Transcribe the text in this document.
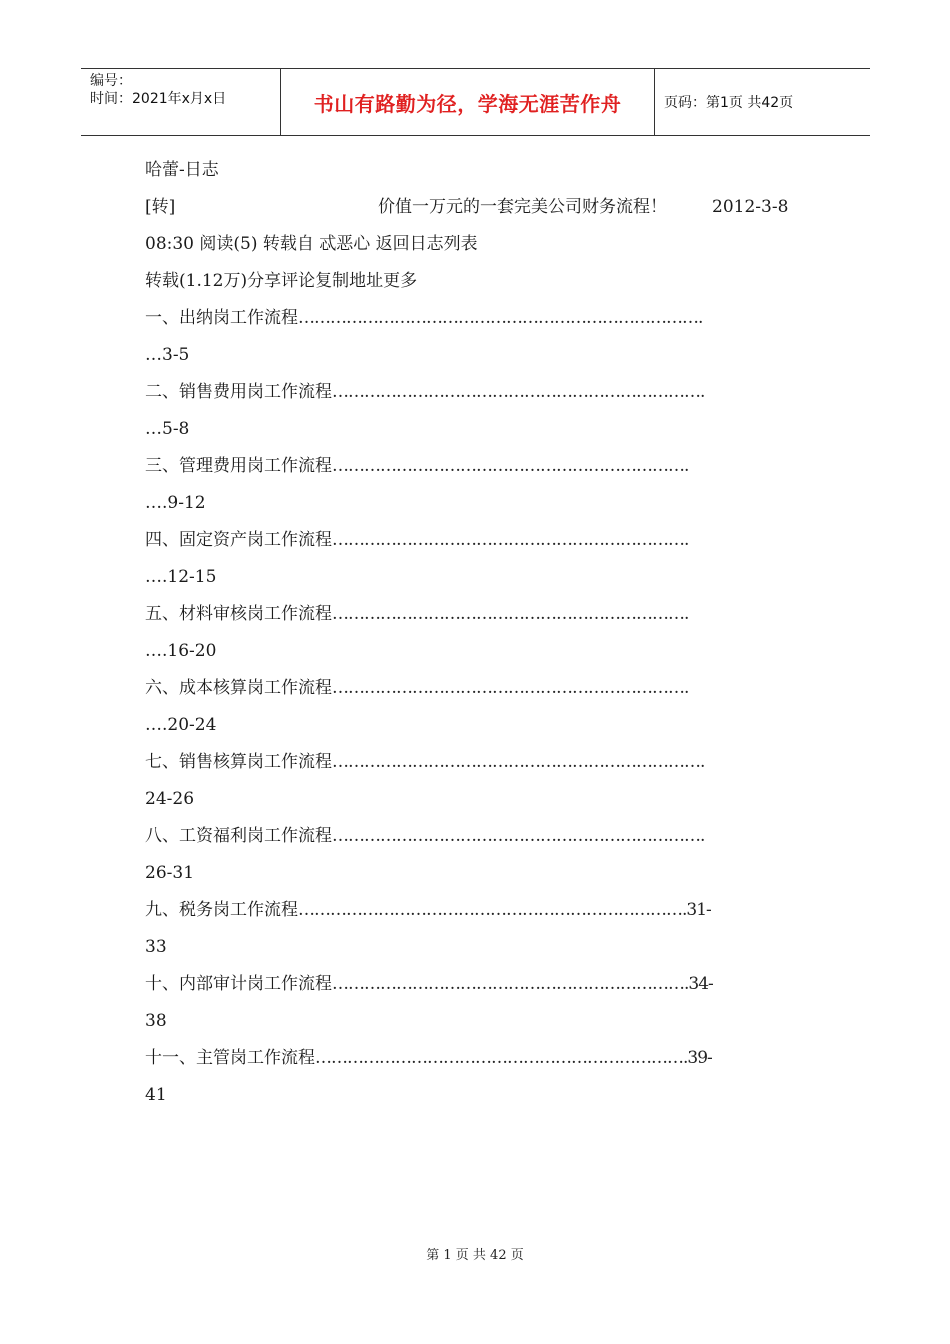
编号：
时间：2021年x月x日	书山有路勤为径，学海无涯苦作舟	页码：第1页 共42页
哈蕾-日志
[转]	价值一万元的一套完美公司财务流程！	2012-3-8
08:30 阅读(5) 转载自 忒恶心 返回日志列表
转载(1.12万)分享评论复制地址更多
一、出纳岗工作流程………………………………………………………………….
…3-5
二、销售费用岗工作流程…………………………………………………………….
…5-8
三、管理费用岗工作流程………………………………………………………….
….9-12
四、固定资产岗工作流程………………………………………………………….
….12-15
五、材料审核岗工作流程………………………………………………………….
….16-20
六、成本核算岗工作流程………………………………………………………….
….20-24
七、销售核算岗工作流程…………………………………………………………….
24-26
八、工资福利岗工作流程…………………………………………………………….
26-31
九、税务岗工作流程……………………………………………………………….31-
33
十、内部审计岗工作流程………………………………………………………….34-
38
十一、主管岗工作流程…………………………………………………………….39-
41
第 1 页 共 42 页
